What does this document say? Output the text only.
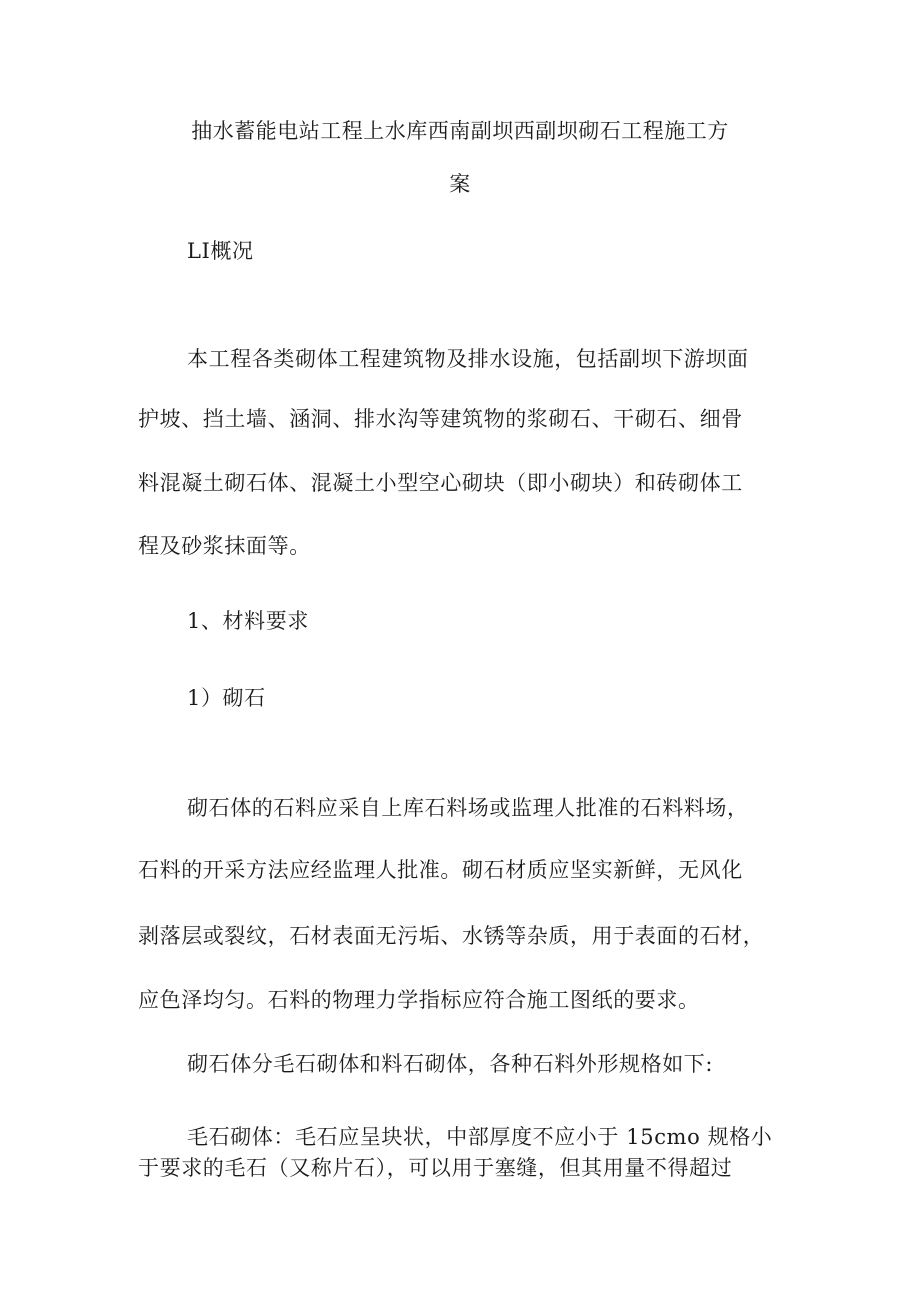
抽水蓄能电站工程上水库西南副坝西副坝砌石工程施工方
案

LI概况

本工程各类砌体工程建筑物及排水设施，包括副坝下游坝面

护坡、挡土墙、涵洞、排水沟等建筑物的浆砌石、干砌石、细骨

料混凝土砌石体、混凝土小型空心砌块（即小砌块）和砖砌体工

程及砂浆抹面等。

1、材料要求

1）砌石

砌石体的石料应采自上库石料场或监理人批准的石料料场，

石料的开采方法应经监理人批准。砌石材质应坚实新鲜，无风化

剥落层或裂纹，石材表面无污垢、水锈等杂质，用于表面的石材，

应色泽均匀。石料的物理力学指标应符合施工图纸的要求。

砌石体分毛石砌体和料石砌体，各种石料外形规格如下:

毛石砌体：毛石应呈块状，中部厚度不应小于 15cmo 规格小

于要求的毛石（又称片石），可以用于塞缝，但其用量不得超过
